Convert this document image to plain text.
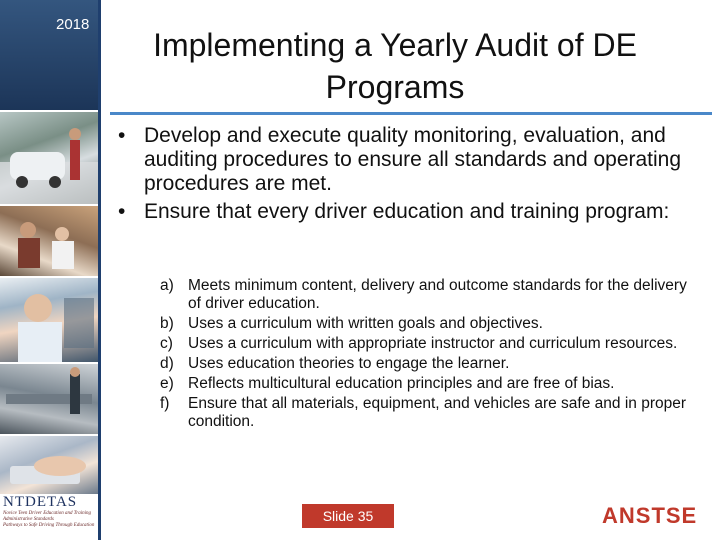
2018
NTDETAS
Novice Teen Driver Education and Training Administrative Standards
Pathways to Safe Driving Through Education
Implementing a Yearly Audit of DE Programs
• Develop and execute quality monitoring, evaluation, and auditing procedures to ensure all standards and operating procedures are met.
• Ensure that every driver education and training program:
a) Meets minimum content, delivery and outcome standards for the delivery of driver education.
b) Uses a curriculum with written goals and objectives.
c) Uses a curriculum with appropriate instructor and curriculum resources.
d) Uses education theories to engage the learner.
e) Reflects multicultural education principles and are free of bias.
f) Ensure that all materials, equipment, and vehicles are safe and in proper condition.
Slide 35	ANSTSE
